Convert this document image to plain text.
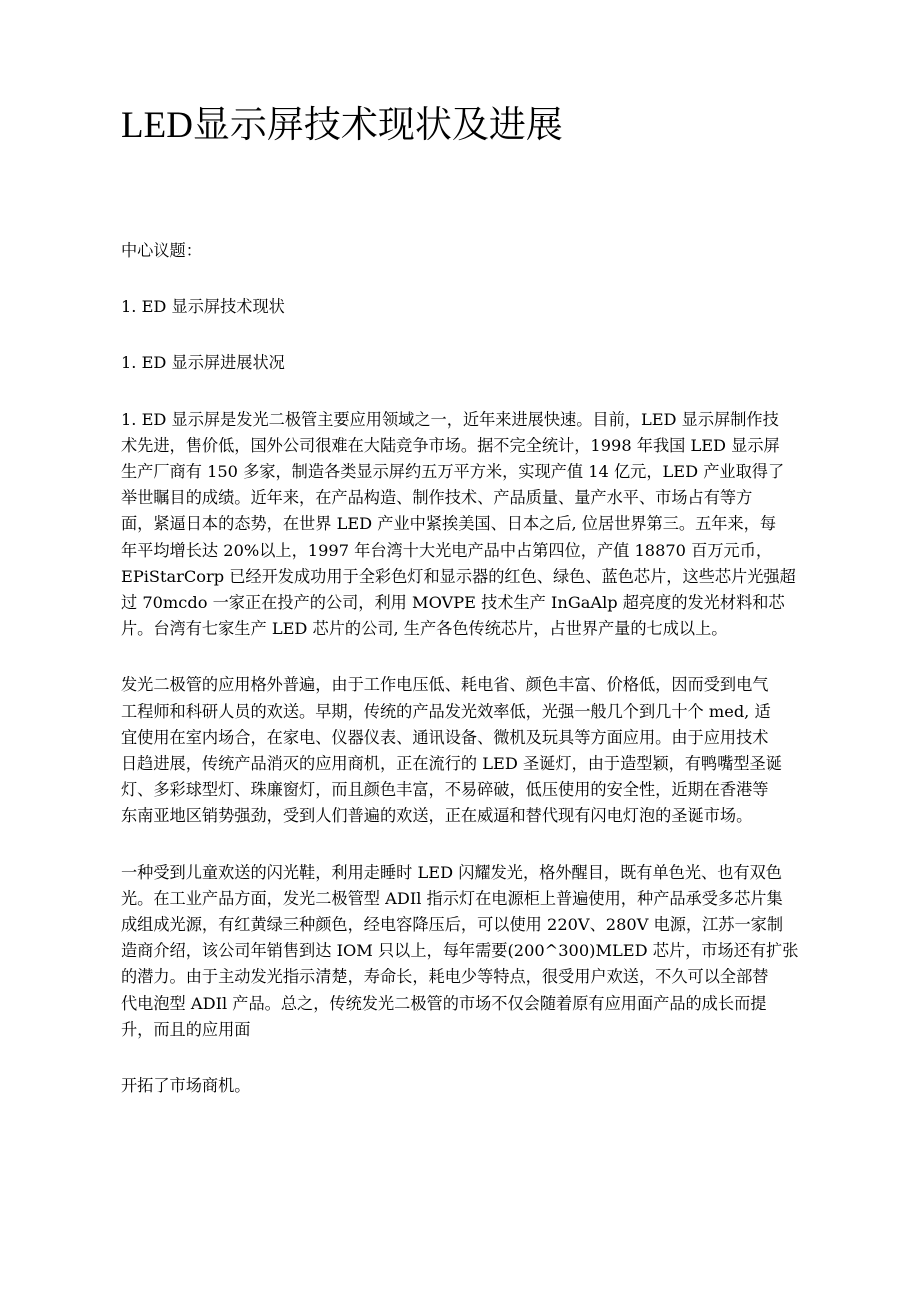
LED显示屏技术现状及进展

中心议题：

1. ED 显示屏技术现状

1. ED 显示屏进展状况

1. ED 显示屏是发光二极管主要应用领域之一，近年来进展快速。目前，LED 显示屏制作技

术先进，售价低，国外公司很难在大陆竞争市场。据不完全统计，1998 年我国 LED 显示屏

生产厂商有 150 多家，制造各类显示屏约五万平方米，实现产值 14 亿元，LED 产业取得了

举世瞩目的成绩。近年来，在产品构造、制作技术、产品质量、量产水平、市场占有等方

面，紧逼日本的态势，在世界 LED 产业中紧挨美国、日本之后, 位居世界第三。五年来，每

年平均增长达 20%以上，1997 年台湾十大光电产品中占第四位，产值 18870 百万元币，

EPiStarCorp 已经开发成功用于全彩色灯和显示器的红色、绿色、蓝色芯片，这些芯片光强超

过 70mcdo 一家正在投产的公司，利用 MOVPE 技术生产 InGaAlp 超亮度的发光材料和芯

片。台湾有七家生产 LED 芯片的公司, 生产各色传统芯片，占世界产量的七成以上。

发光二极管的应用格外普遍，由于工作电压低、耗电省、颜色丰富、价格低，因而受到电气

工程师和科研人员的欢送。早期，传统的产品发光效率低，光强一般几个到几十个 med, 适

宜使用在室内场合，在家电、仪器仪表、通讯设备、微机及玩具等方面应用。由于应用技术

日趋进展，传统产品消灭的应用商机，正在流行的 LED 圣诞灯，由于造型颖，有鸭嘴型圣诞

灯、多彩球型灯、珠廉窗灯，而且颜色丰富，不易碎破，低压使用的安全性，近期在香港等

东南亚地区销势强劲，受到人们普遍的欢送，正在威逼和替代现有闪电灯泡的圣诞市场。

一种受到儿童欢送的闪光鞋，利用走睡时 LED 闪耀发光，格外醒目，既有单色光、也有双色

光。在工业产品方面，发光二极管型 ADIl 指示灯在电源柜上普遍使用，种产品承受多芯片集

成组成光源，有红黄绿三种颜色，经电容降压后，可以使用 220V、280V 电源，江苏一家制

造商介绍，该公司年销售到达 IOM 只以上，每年需要(200^300)MLED 芯片，市场还有扩张

的潜力。由于主动发光指示清楚，寿命长，耗电少等特点，很受用户欢送，不久可以全部替

代电泡型 ADIl 产品。总之，传统发光二极管的市场不仅会随着原有应用面产品的成长而提

升，而且的应用面

开拓了市场商机。
